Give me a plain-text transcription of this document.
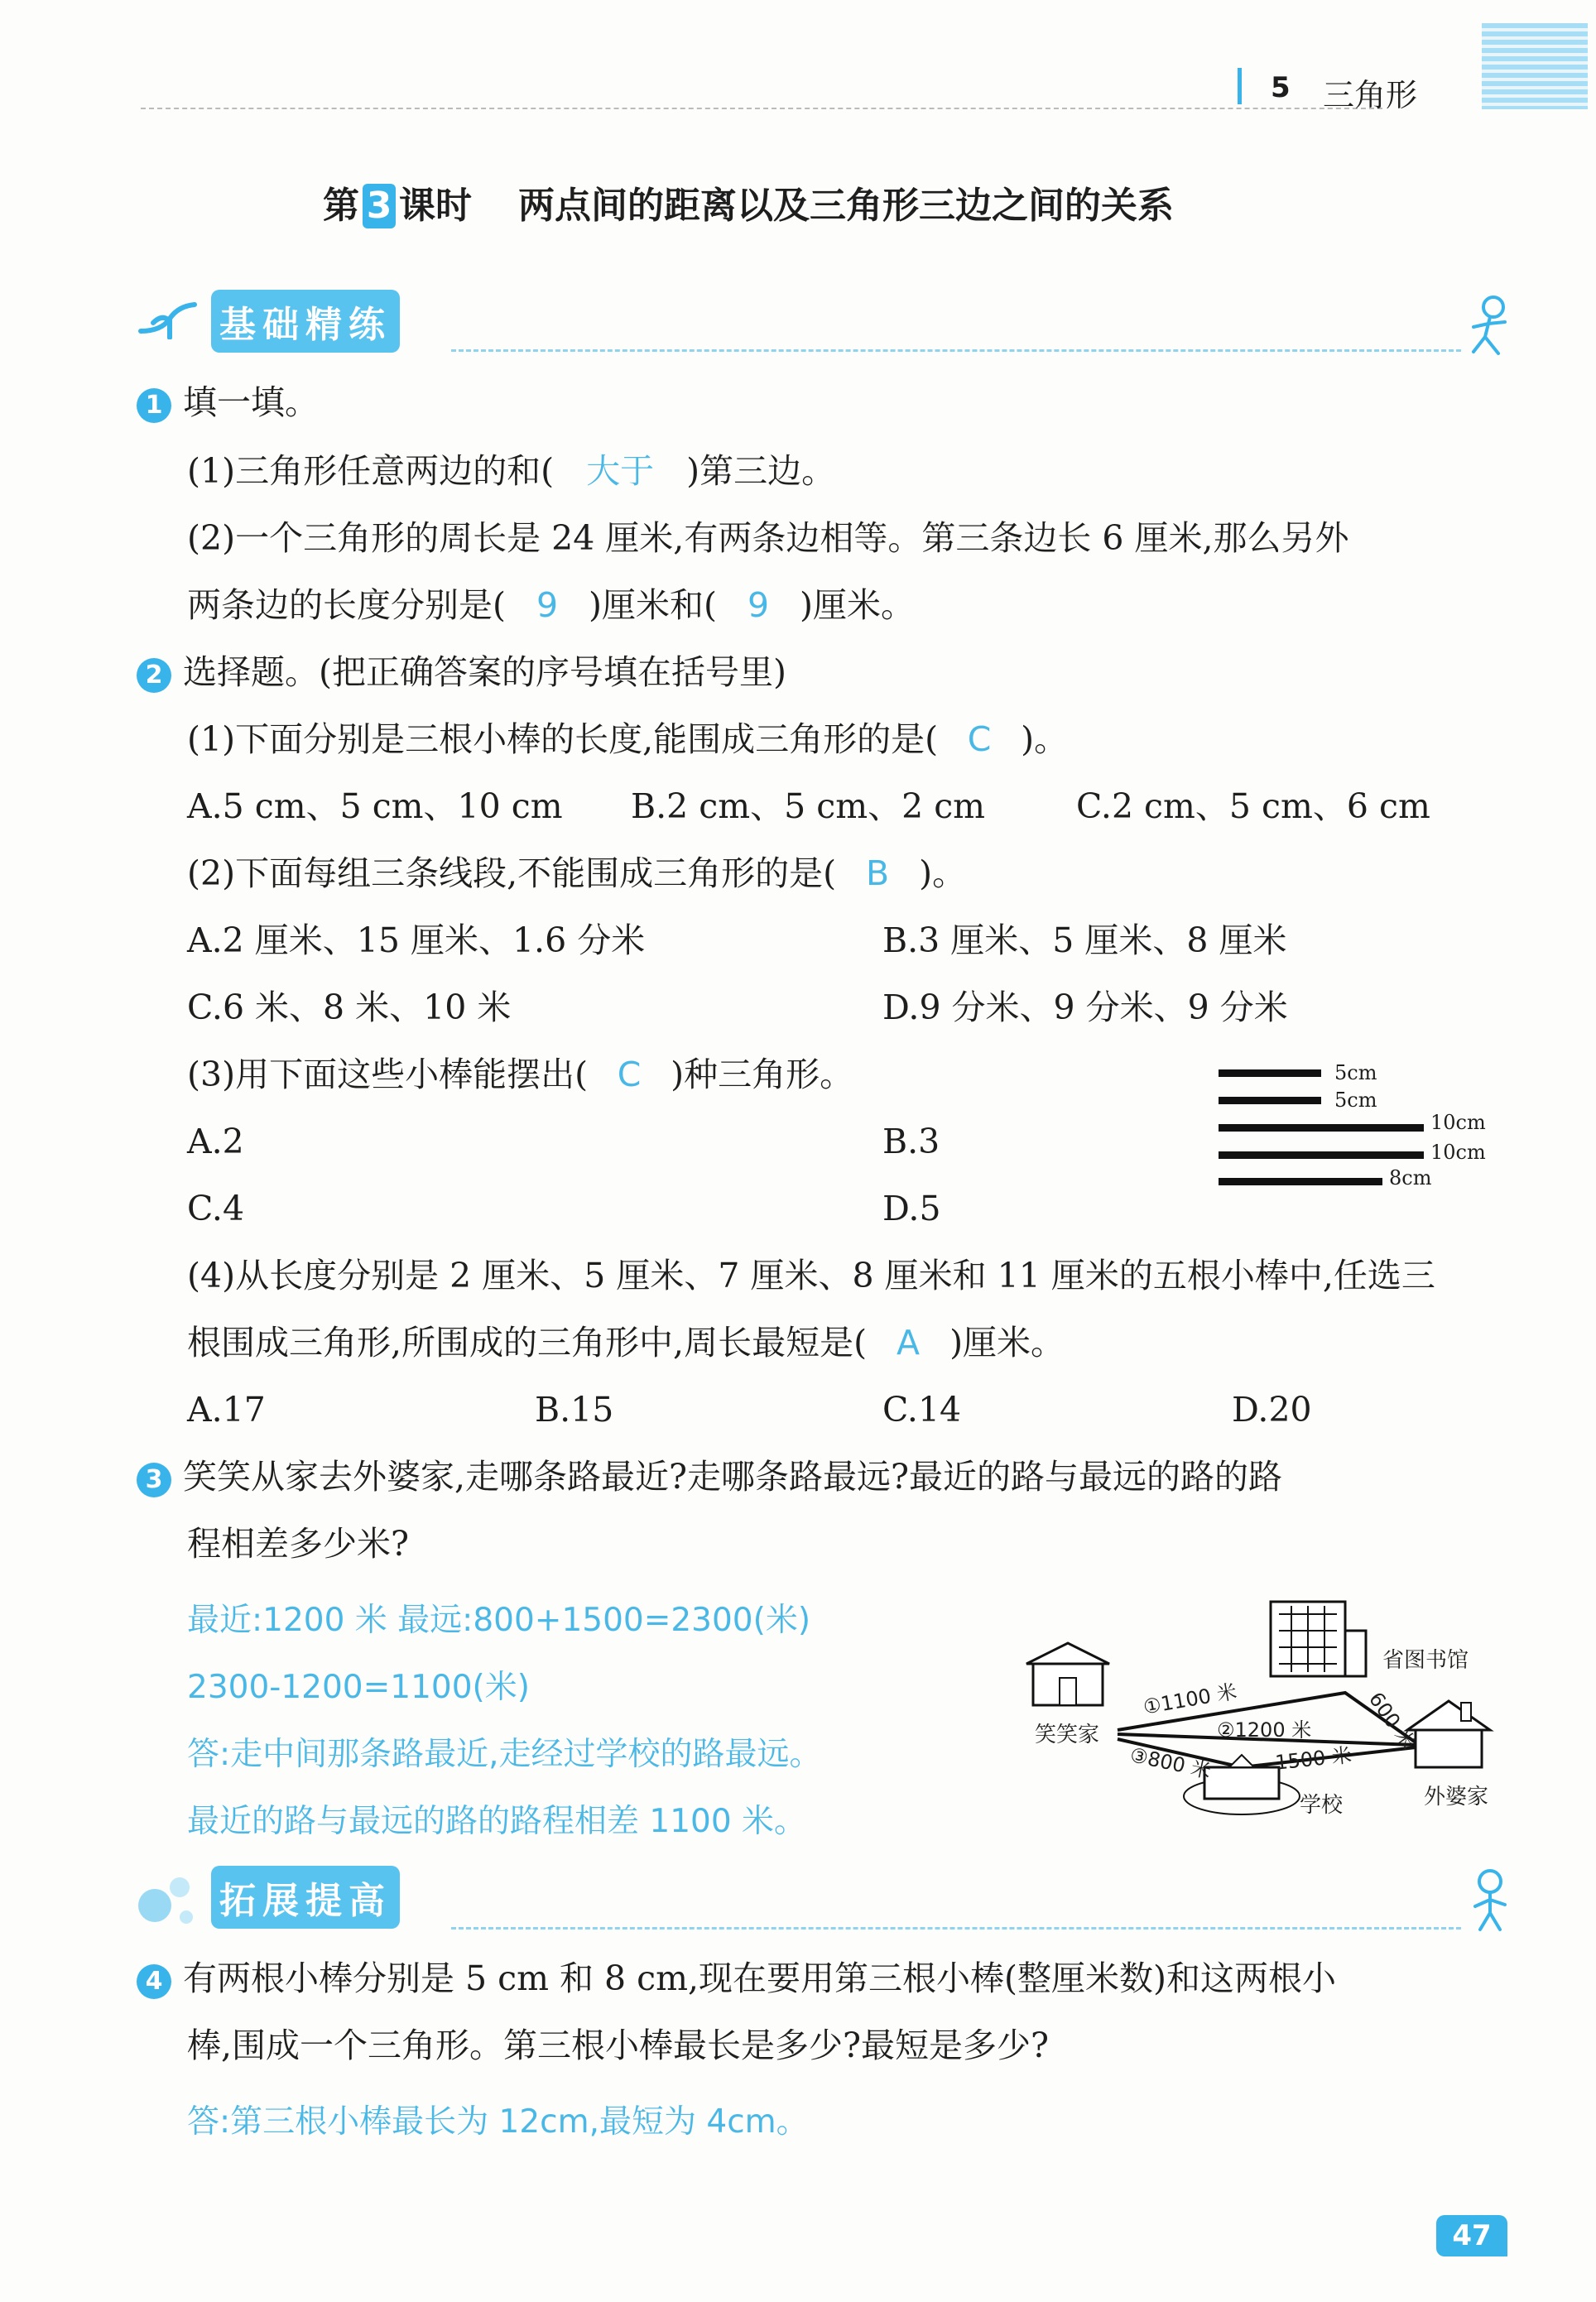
5 三角形
第 3 课时 两点间的距离以及三角形三边之间的关系
基础精练
1 填一填。
(1)三角形任意两边的和( 大于 )第三边。
(2)一个三角形的周长是 24 厘米,有两条边相等。第三条边长 6 厘米,那么另外
两条边的长度分别是( 9 )厘米和( 9 )厘米。
2 选择题。(把正确答案的序号填在括号里)
(1)下面分别是三根小棒的长度,能围成三角形的是( C )。
A.5 cm、5 cm、10 cm B.2 cm、5 cm、2 cm	C.2 cm、5 cm、6 cm
(2)下面每组三条线段,不能围成三角形的是( B )。
A.2 厘米、15 厘米、1.6 分米	B.3 厘米、5 厘米、8 厘米
C.6 米、8 米、10 米	D.9 分米、9 分米、9 分米
(3)用下面这些小棒能摆出( C )种三角形。
A.2	B.3
C.4	D.5
5cm
5cm
10cm
10cm
8cm
(4)从长度分别是 2 厘米、5 厘米、7 厘米、8 厘米和 11 厘米的五根小棒中,任选三
根围成三角形,所围成的三角形中,周长最短是( A )厘米。
A.17	B.15	C.14	D.20
3 笑笑从家去外婆家,走哪条路最近?走哪条路最远?最近的路与最远的路的路
程相差多少米?
最近:1200 米 最远:800+1500=2300(米)
2300-1200=1100(米)
答:走中间那条路最近,走经过学校的路最远。
最近的路与最远的路的路程相差 1100 米。
省图书馆
笑笑家
外婆家
学校
①1100 米
②1200 米
③800 米	1500 米
600 米
拓展提高
4 有两根小棒分别是 5 cm 和 8 cm,现在要用第三根小棒(整厘米数)和这两根小
棒,围成一个三角形。第三根小棒最长是多少?最短是多少?
答:第三根小棒最长为 12cm,最短为 4cm。
47
